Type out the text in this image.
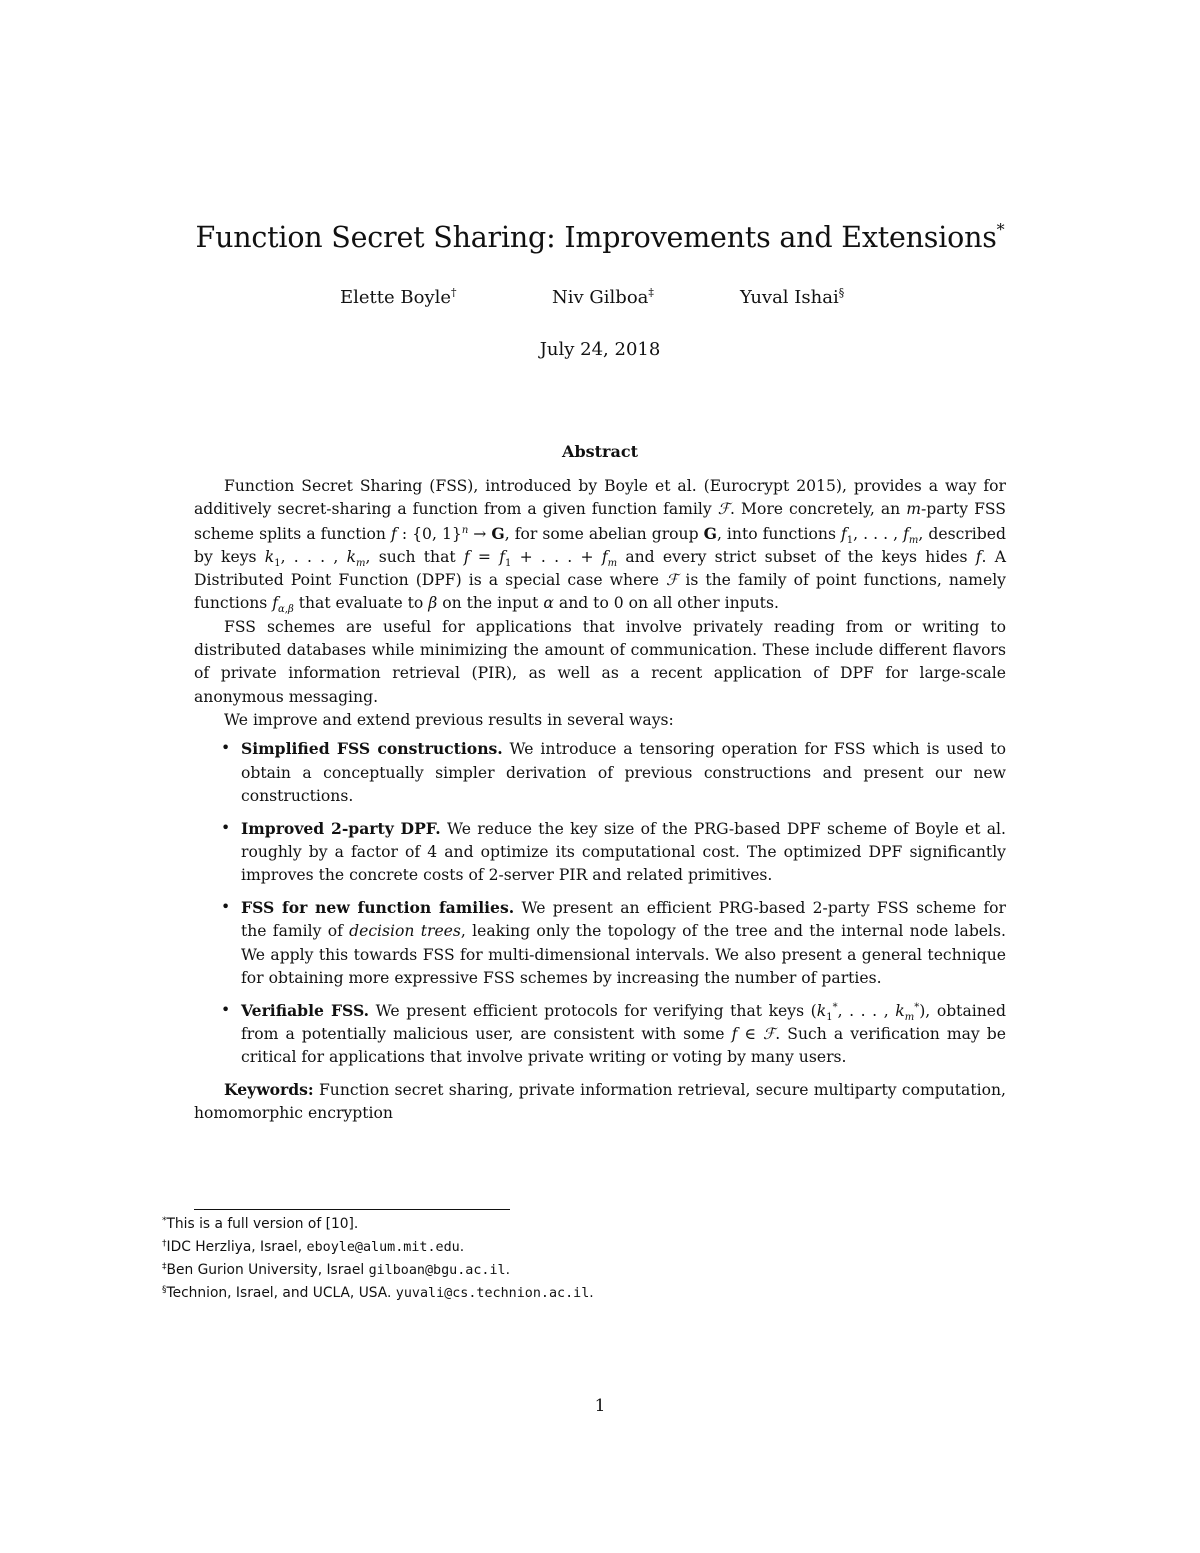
Function Secret Sharing: Improvements and Extensions*
Elette Boyle†	Niv Gilboa‡	Yuval Ishai§
July 24, 2018
Abstract

Function Secret Sharing (FSS), introduced by Boyle et al. (Eurocrypt 2015), provides a way for additively secret-sharing a function from a given function family ℱ. More concretely, an m-party FSS scheme splits a function f : {0, 1}$^n$ → G, for some abelian group G, into functions $f_1$, . . . , $f_m$, described by keys $k_1$, . . . , $k_m$, such that $f = f_1$ + . . . + $f_m$ and every strict subset of the keys hides f. A Distributed Point Function (DPF) is a special case where ℱ is the family of point functions, namely functions $f_{\alpha,\beta}$ that evaluate to β on the input α and to 0 on all other inputs.

FSS schemes are useful for applications that involve privately reading from or writing to distributed databases while minimizing the amount of communication. These include different flavors of private information retrieval (PIR), as well as a recent application of DPF for large-scale anonymous messaging.

We improve and extend previous results in several ways:

• Simplified FSS constructions. We introduce a tensoring operation for FSS which is used to obtain a conceptually simpler derivation of previous constructions and present our new constructions.
• Improved 2-party DPF. We reduce the key size of the PRG-based DPF scheme of Boyle et al. roughly by a factor of 4 and optimize its computational cost. The optimized DPF significantly improves the concrete costs of 2-server PIR and related primitives.
• FSS for new function families. We present an efficient PRG-based 2-party FSS scheme for the family of decision trees, leaking only the topology of the tree and the internal node labels. We apply this towards FSS for multi-dimensional intervals. We also present a general technique for obtaining more expressive FSS schemes by increasing the number of parties.
• Verifiable FSS. We present efficient protocols for verifying that keys ($k_1^*$, . . . , $k_m^*$), obtained from a potentially malicious user, are consistent with some f ∈ ℱ. Such a verification may be critical for applications that involve private writing or voting by many users.

Keywords: Function secret sharing, private information retrieval, secure multiparty computation, homomorphic encryption

*This is a full version of [10].
†IDC Herzliya, Israel, eboyle@alum.mit.edu.
‡Ben Gurion University, Israel gilboan@bgu.ac.il.
§Technion, Israel, and UCLA, USA. yuvali@cs.technion.ac.il.
1
